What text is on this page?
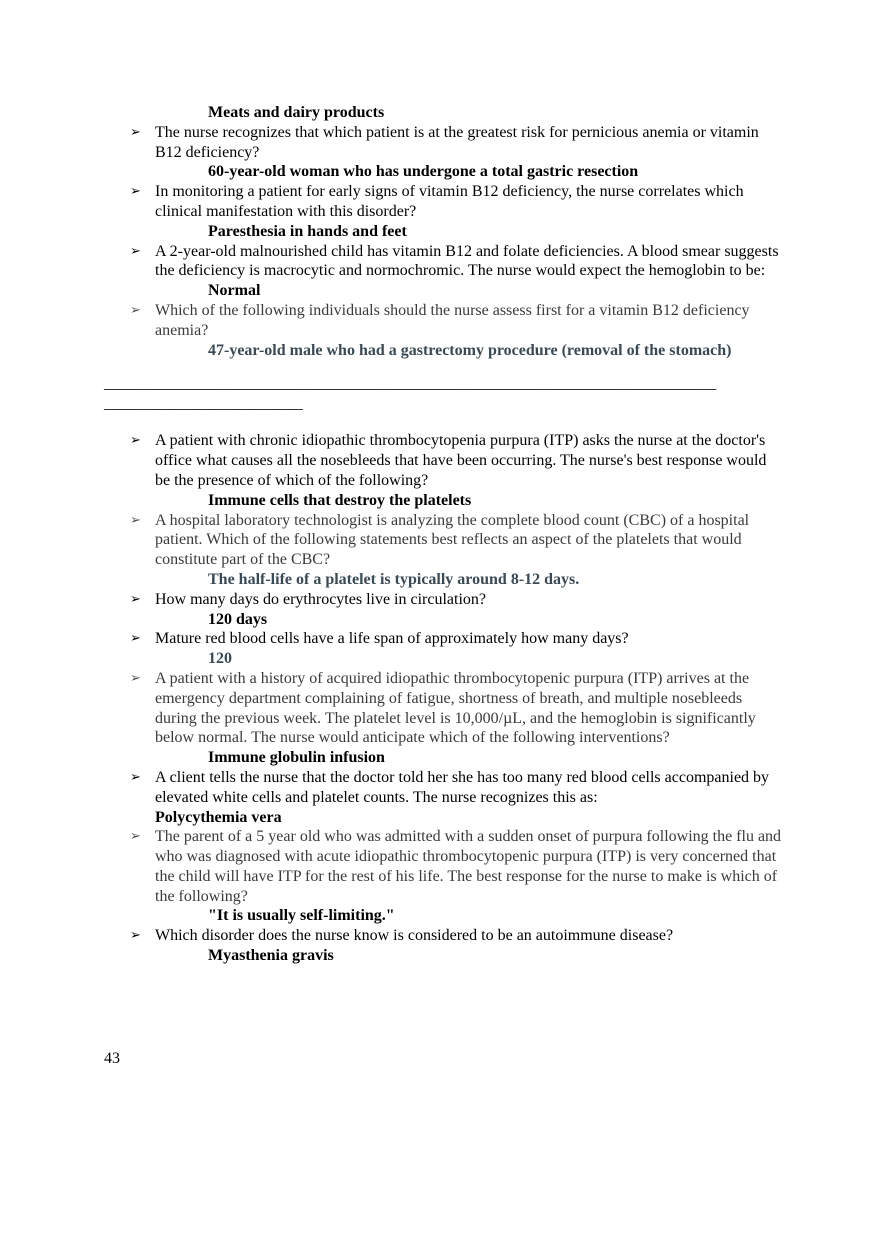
Meats and dairy products
➢ The nurse recognizes that which patient is at the greatest risk for pernicious anemia or vitamin B12 deficiency?
60-year-old woman who has undergone a total gastric resection
➢ In monitoring a patient for early signs of vitamin B12 deficiency, the nurse correlates which clinical manifestation with this disorder?
Paresthesia in hands and feet
➢ A 2-year-old malnourished child has vitamin B12 and folate deficiencies. A blood smear suggests the deficiency is macrocytic and normochromic. The nurse would expect the hemoglobin to be:
Normal
➢ Which of the following individuals should the nurse assess first for a vitamin B12 deficiency anemia?
47-year-old male who had a gastrectomy procedure (removal of the stomach)
_____________________________________________________________________________
_________________________
➢ A patient with chronic idiopathic thrombocytopenia purpura (ITP) asks the nurse at the doctor's office what causes all the nosebleeds that have been occurring. The nurse's best response would be the presence of which of the following?
Immune cells that destroy the platelets
➢ A hospital laboratory technologist is analyzing the complete blood count (CBC) of a hospital patient. Which of the following statements best reflects an aspect of the platelets that would constitute part of the CBC?
The half-life of a platelet is typically around 8-12 days.
➢ How many days do erythrocytes live in circulation?
120 days
➢ Mature red blood cells have a life span of approximately how many days?
120
➢ A patient with a history of acquired idiopathic thrombocytopenic purpura (ITP) arrives at the emergency department complaining of fatigue, shortness of breath, and multiple nosebleeds during the previous week. The platelet level is 10,000/µL, and the hemoglobin is significantly below normal. The nurse would anticipate which of the following interventions?
Immune globulin infusion
➢ A client tells the nurse that the doctor told her she has too many red blood cells accompanied by elevated white cells and platelet counts. The nurse recognizes this as:
Polycythemia vera
➢ The parent of a 5 year old who was admitted with a sudden onset of purpura following the flu and who was diagnosed with acute idiopathic thrombocytopenic purpura (ITP) is very concerned that the child will have ITP for the rest of his life. The best response for the nurse to make is which of the following?
"It is usually self-limiting."
➢ Which disorder does the nurse know is considered to be an autoimmune disease?
Myasthenia gravis
43
